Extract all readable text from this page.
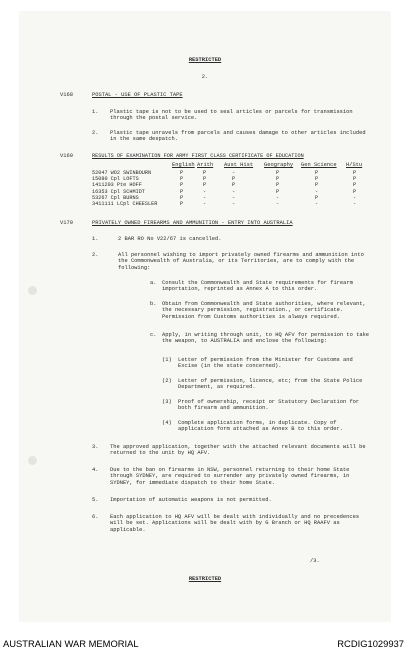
RESTRICTED
2.
V168	POSTAL - USE OF PLASTIC TAPE
1. Plastic tape is not to be used to seal articles or parcels for transmission through the postal service.
2. Plastic tape unravels from parcels and causes damage to other articles included in the same despatch.
V169	RESULTS OF EXAMINATION FOR ARMY FIRST CLASS CERTIFICATE OF EDUCATION
English Arith Aust Hist Geography Gen Science H/Stu
52047 WO2 SWINBOURN	P	P	-	P	P	P
15080 Cpl LOFTS	P	P	P	P	P	P
1411203 Pte HOFF	P	P	P	P	P	P
16353 Cpl SCHMIDT	P	-	-	P	-	P
53267 Cpl BURNS	P	-	-	-	P	-
3411111 LCpl CHEESLER	P	-	-	-	-	-
V170	PRIVATELY OWNED FIREARMS AND AMMUNITION - ENTRY INTO AUSTRALIA
1.	2 BAR RO No V22/67 is cancelled.
2.	All personnel wishing to import privately owned firearms and ammunition into the Commonwealth of Australia, or its Territories, are to comply with the following:
a. Consult the Commonwealth and State requirements for firearm importation, reprinted as Annex A to this order.
b. Obtain from Commonwealth and State authorities, where relevant, the necessary permission, registration., or certificate. Permission from Customs authorities is always required.
c. Apply, in writing through unit, to HQ AFV for permission to take the weapon, to AUSTRALIA and enclose the following:
(1) Letter of permission from the Minister for Customs and Excise (in the state concerned).
(2) Letter of permission, licence, etc; from the State Police Department, as required.
(3) Proof of ownership, receipt or Statutory Declaration for both firearm and ammunition.
(4) Complete application forms, in duplicate. Copy of application form attached as Annex B to this order.
3. The approved application, together with the attached relevant documents will be returned to the unit by HQ AFV.
4. Due to the ban on firearms in NSW, personnel returning to their home State through SYDNEY, are required to surrender any privately owned firearms, in SYDNEY, for immediate dispatch to their home State.
5. Importation of automatic weapons is not permitted.
6. Each application to HQ AFV will be dealt with individually and no precedences will be set. Applications will be dealt with by G Branch or HQ RAAFV as applicable.
/3.
RESTRICTED
AUSTRALIAN WAR MEMORIAL	RCDIG1029937
